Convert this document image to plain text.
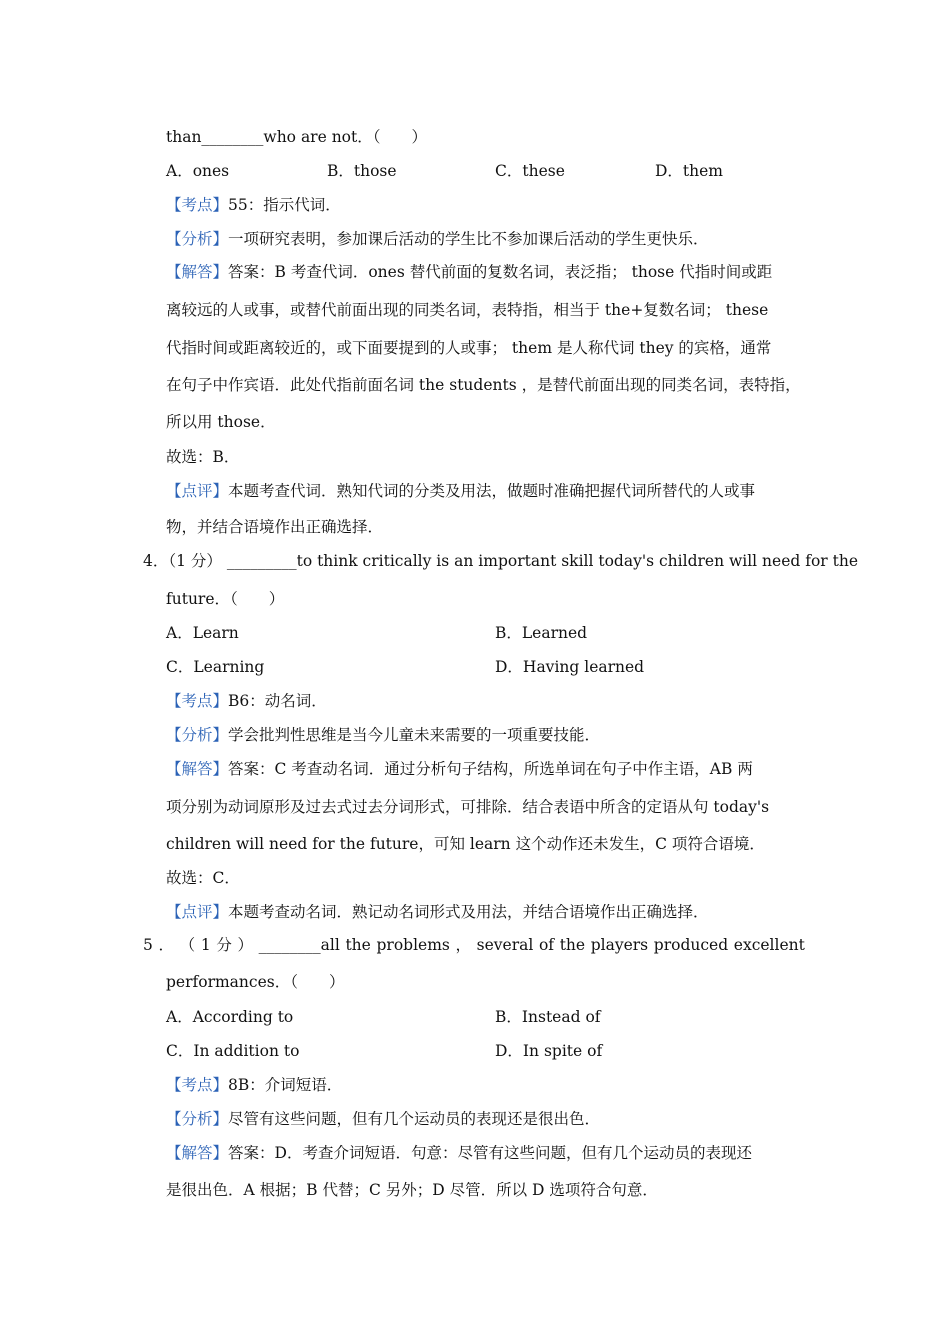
than________who are not．（　　）
A．ones	B．those	C．these	D．them
【考点】55：指示代词．
【分析】一项研究表明，参加课后活动的学生比不参加课后活动的学生更快乐．
【解答】答案：B 考查代词．ones 替代前面的复数名词，表泛指； those 代指时间或距
离较远的人或事，或替代前面出现的同类名词，表特指，相当于 the+复数名词； these
代指时间或距离较近的，或下面要提到的人或事； them 是人称代词 they 的宾格，通常
在句子中作宾语．此处代指前面名词 the students ，是替代前面出现的同类名词，表特指，
所以用 those．
故选：B．
【点评】本题考查代词．熟知代词的分类及用法，做题时准确把握代词所替代的人或事
物，并结合语境作出正确选择．
4．（1 分） _________to think critically is an important skill today's children will need for the
future．（　　）
A．Learn	B．Learned
C．Learning	D．Having learned
【考点】B6：动名词．
【分析】学会批判性思维是当今儿童未来需要的一项重要技能．
【解答】答案：C 考查动名词．通过分析句子结构，所选单词在句子中作主语，AB 两
项分别为动词原形及过去式过去分词形式，可排除．结合表语中所含的定语从句 today's
children will need for the future，可知 learn 这个动作还未发生，C 项符合语境．
故选：C．
【点评】本题考查动名词．熟记动名词形式及用法，并结合语境作出正确选择．
5 ． （ 1 分 ） ________all the problems ， several of the players produced excellent
performances．（　　）
A．According to	B．Instead of
C．In addition to	D．In spite of
【考点】8B：介词短语．
【分析】尽管有这些问题，但有几个运动员的表现还是很出色．
【解答】答案：D．考查介词短语．句意：尽管有这些问题，但有几个运动员的表现还
是很出色．A 根据；B 代替；C 另外；D 尽管．所以 D 选项符合句意．
